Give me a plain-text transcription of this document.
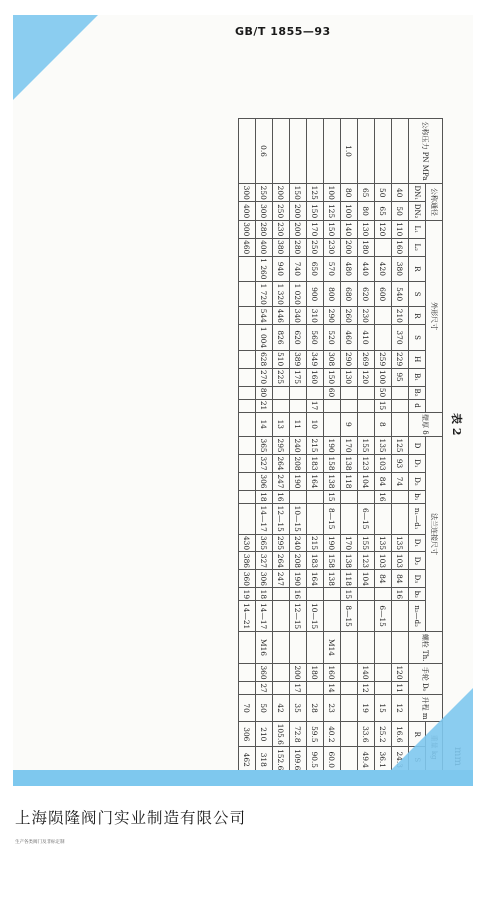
表 2
mm
公称压力 PN MPa	公称通径		外形尺寸										壁厚 δ	法兰连接尺寸										螺栓 Th.	手轮 D₀		升程 m	重量 kg	
	DN₁	DN₂	L₁	L₂	R	S	R	S	H	B₁	B₂	d		D	D₁	D₂	b₁	n₁—d₁	D₁	D₂	D₃	b₂	n₂—d₂					R	S
	40	50	110	160	380	540	210	370	229	95				125	93	74			135	103	84	16			120	11	12	16.6	24.3
	50	65	120		420	600			259	100	50	15	8	135	103	84	16		135	103	84		6—15				15	25.2	36.1
	65	80	130	180	440	620	230	410	269	120				155	123	104		6—15	155	123	104				140	12	19	33.6	49.4
1.0	80	100	140	200	480	680	260	460	290	130			9	170	138	118			170	138	118	15	8—15						
	100	125	150	230	570	800	290	520	308	150	60			190	158	138	15	8—15	190	158	138			M14	160	14	23	40.2	60.0
	125	150	170	250	650	900	310	560	349	160		17	10	215	183	164			215	183	164		10—15		180		28	59.5	90.5
	150	200	200	280	740	1 020	340	620	389	175			11	240	208	190		10—15	240	208	190	16	12—15		200	17	35	72.8	109.6
	200	250	230	380	940	1 320	446	826	510	225			13	295	264	247	16	12—15	295	264	247						42	105.6	152.6
0.6	250	300	280	400	1 260	1 720	544	1 004	628	270	80	21	14	365	327	306	18	14—17	365	327	306	18	14—17	M16	360	27	50	210	318
	300	400	300	460															430	386	360	19	14—21				70	306	462
GB/T 1855—93
上海陨隆阀门实业制造有限公司
生产各类阀门及非标定制
